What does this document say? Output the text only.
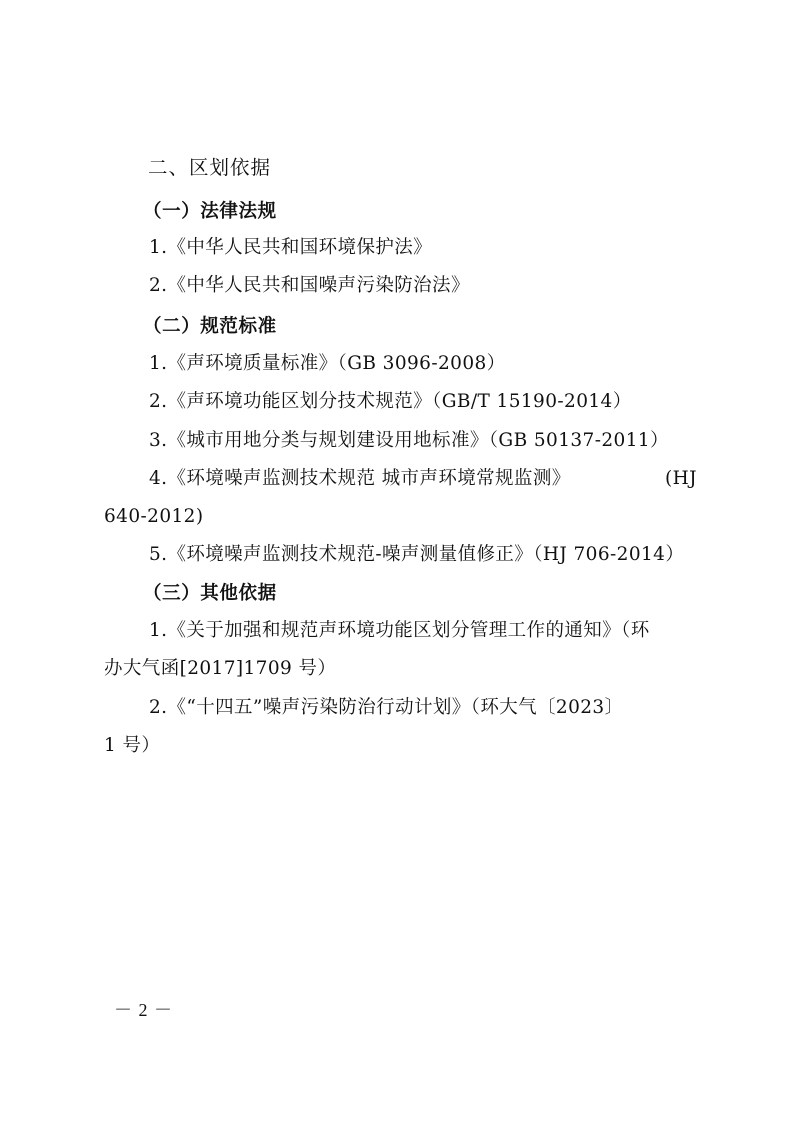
二、区划依据
（一）法律法规
1.《中华人民共和国环境保护法》
2.《中华人民共和国噪声污染防治法》
（二）规范标准
1.《声环境质量标准》（GB 3096-2008）
2.《声环境功能区划分技术规范》（GB/T 15190-2014）
3.《城市用地分类与规划建设用地标准》（GB 50137-2011）
4.《环境噪声监测技术规范 城市声环境常规监测》	(HJ
640-2012)
5.《环境噪声监测技术规范-噪声测量值修正》（HJ 706-2014）
（三）其他依据
1.《关于加强和规范声环境功能区划分管理工作的通知》（环
办大气函[2017]1709 号）
2.《“十四五”噪声污染防治行动计划》（环大气〔2023〕
1 号）
－ 2 －
